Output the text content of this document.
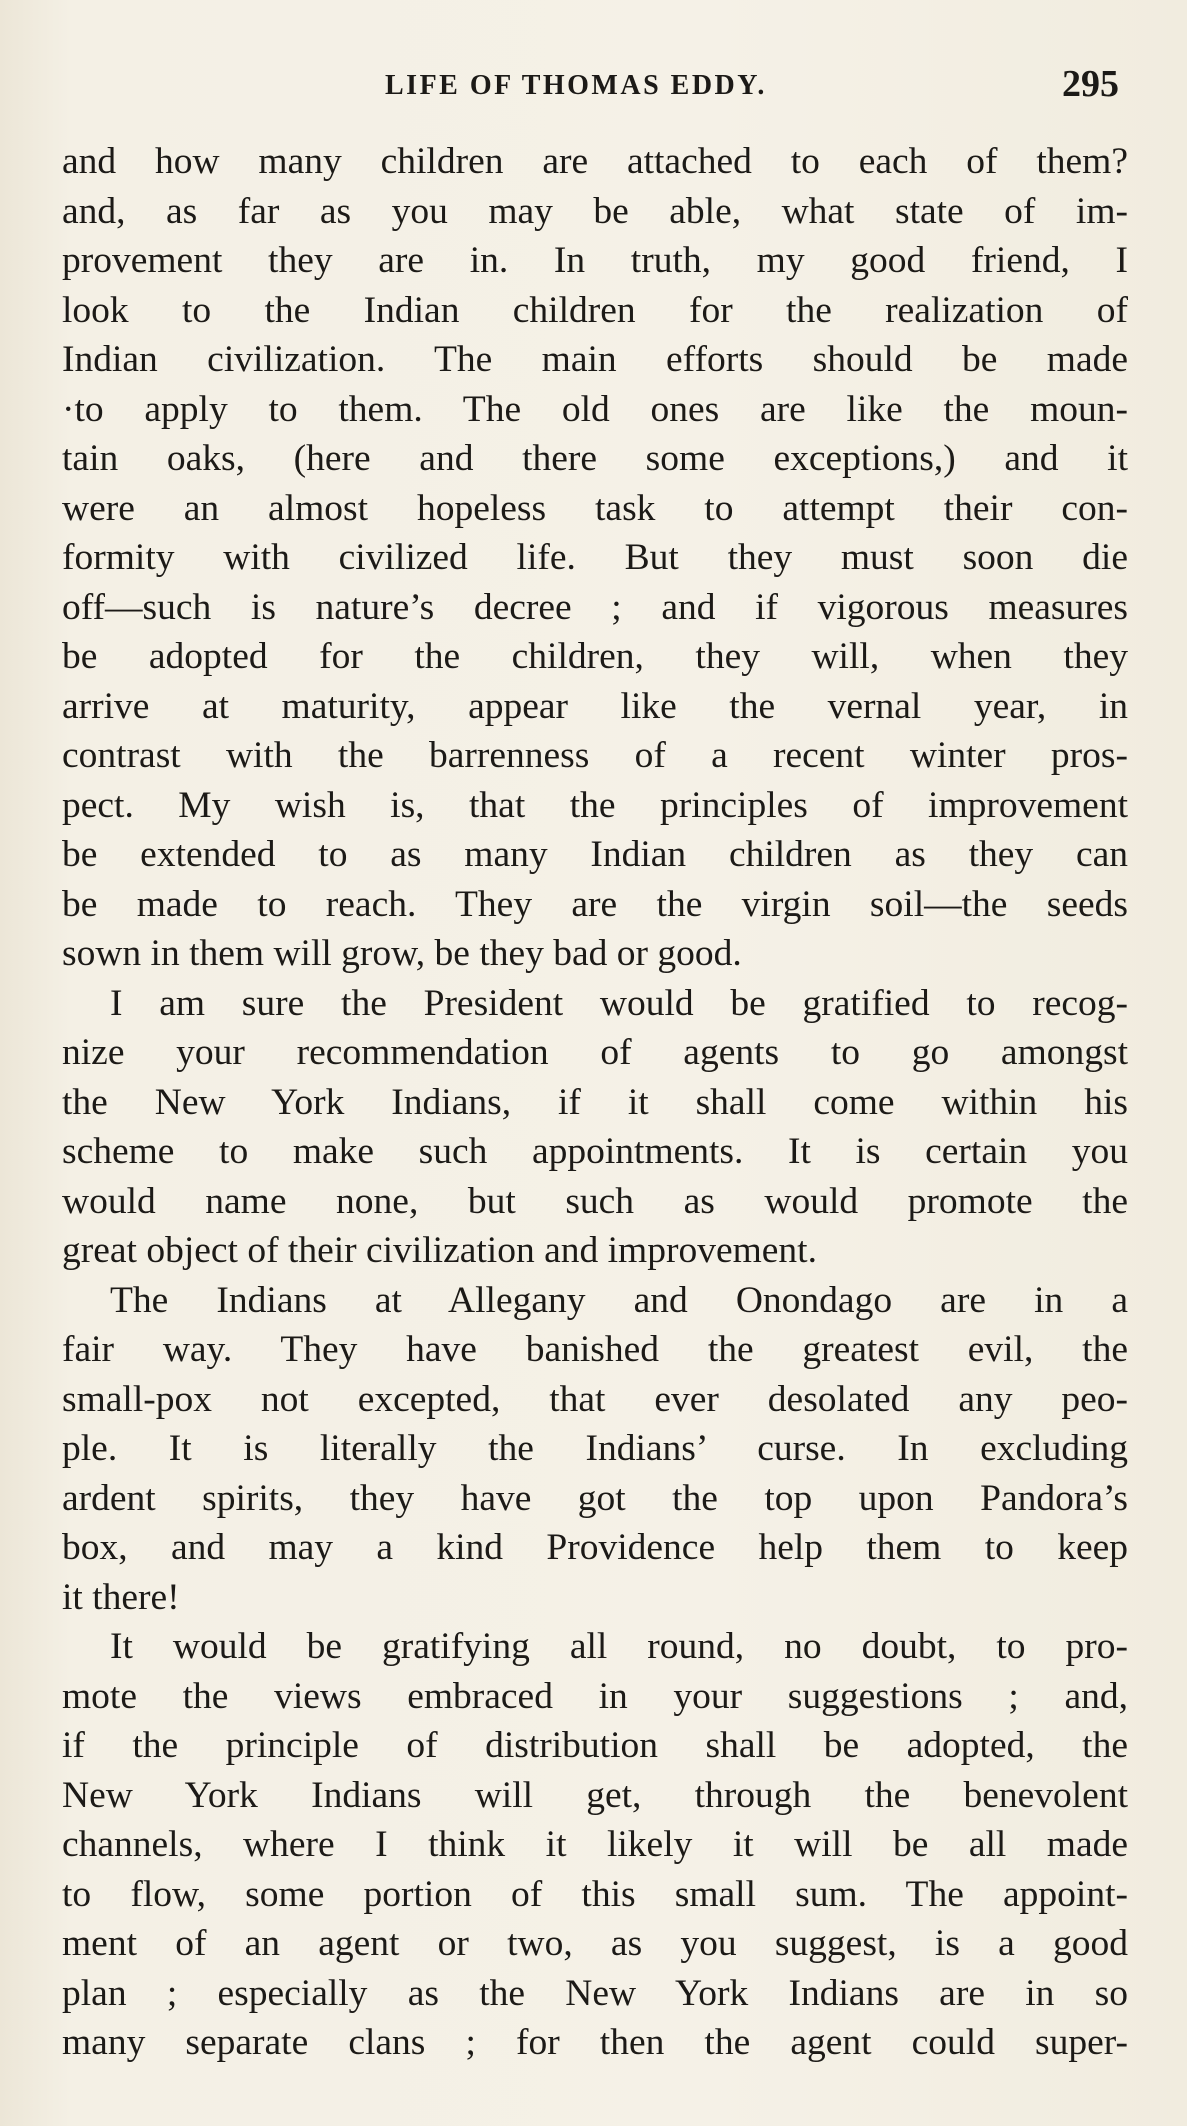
LIFE OF THOMAS EDDY.	295
and how many children are attached to each of them?
and, as far as you may be able, what state of im-
provement they are in. In truth, my good friend, I
look to the Indian children for the realization of
Indian civilization. The main efforts should be made
·to apply to them. The old ones are like the moun-
tain oaks, (here and there some exceptions,) and it
were an almost hopeless task to attempt their con-
formity with civilized life. But they must soon die
off—such is nature’s decree ; and if vigorous measures
be adopted for the children, they will, when they
arrive at maturity, appear like the vernal year, in
contrast with the barrenness of a recent winter pros-
pect. My wish is, that the principles of improvement
be extended to as many Indian children as they can
be made to reach. They are the virgin soil—the seeds
sown in them will grow, be they bad or good.
I am sure the President would be gratified to recog-
nize your recommendation of agents to go amongst
the New York Indians, if it shall come within his
scheme to make such appointments. It is certain you
would name none, but such as would promote the
great object of their civilization and improvement.
The Indians at Allegany and Onondago are in a
fair way. They have banished the greatest evil, the
small-pox not excepted, that ever desolated any peo-
ple. It is literally the Indians’ curse. In excluding
ardent spirits, they have got the top upon Pandora’s
box, and may a kind Providence help them to keep
it there!
It would be gratifying all round, no doubt, to pro-
mote the views embraced in your suggestions ; and,
if the principle of distribution shall be adopted, the
New York Indians will get, through the benevolent
channels, where I think it likely it will be all made
to flow, some portion of this small sum. The appoint-
ment of an agent or two, as you suggest, is a good
plan ; especially as the New York Indians are in so
many separate clans ; for then the agent could super-
